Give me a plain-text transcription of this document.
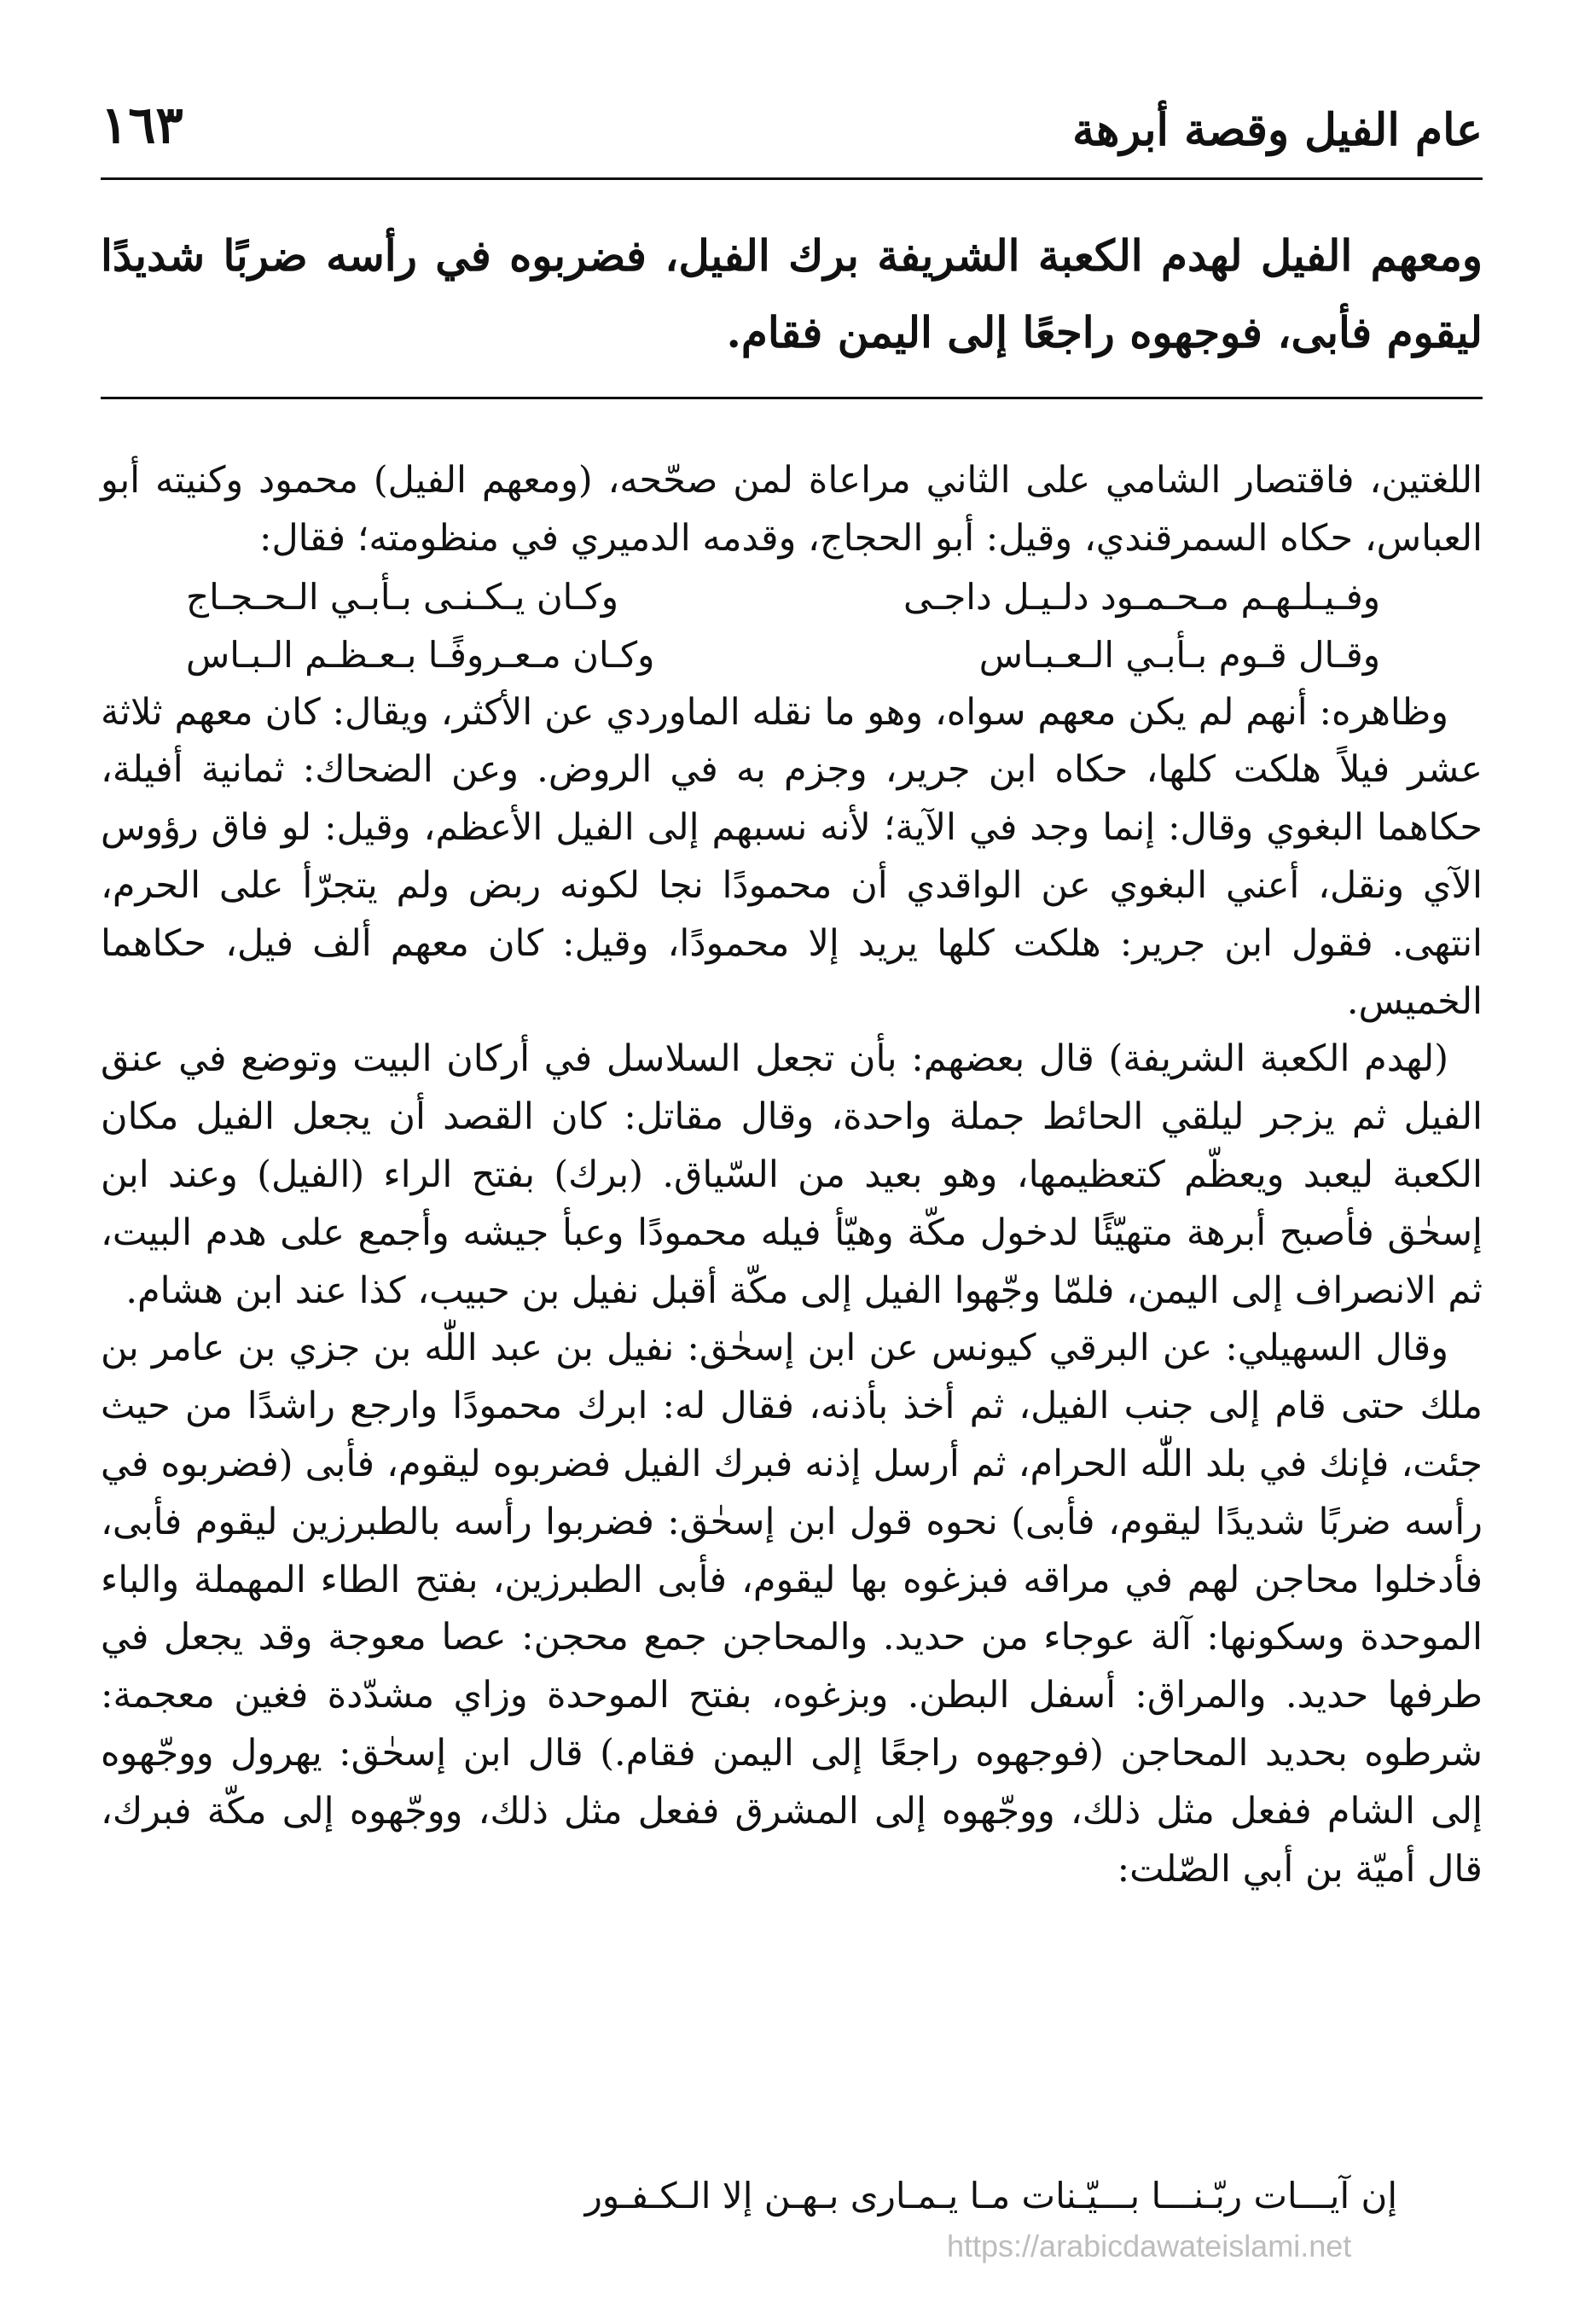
عام الفيل وقصة أبرهة
١٦٣
ومعهم الفيل لهدم الكعبة الشريفة برك الفيل، فضربوه في رأسه ضربًا شديدًا ليقوم فأبى، فوجهوه راجعًا إلى اليمن فقام.

اللغتين، فاقتصار الشامي على الثاني مراعاة لمن صحّحه، (ومعهم الفيل) محمود وكنيته أبو العباس، حكاه السمرقندي، وقيل: أبو الحجاج، وقدمه الدميري في منظومته؛ فقال:

وفـيـلـهـم مـحـمـود دلـيـل داجـى
وكـان يـكـنـى بـأبـي الـحـجـاج
وقـال قـوم بـأبـي الـعـبـاس
وكـان مـعـروفًـا بـعـظـم الـبـاس

وظاهره: أنهم لم يكن معهم سواه، وهو ما نقله الماوردي عن الأكثر، ويقال: كان معهم ثلاثة عشر فيلاً هلكت كلها، حكاه ابن جرير، وجزم به في الروض. وعن الضحاك: ثمانية أفيلة، حكاهما البغوي وقال: إنما وجد في الآية؛ لأنه نسبهم إلى الفيل الأعظم، وقيل: لو فاق رؤوس الآي ونقل، أعني البغوي عن الواقدي أن محمودًا نجا لكونه ربض ولم يتجرّأ على الحرم، انتهى. فقول ابن جرير: هلكت كلها يريد إلا محمودًا، وقيل: كان معهم ألف فيل، حكاهما الخميس.

(لهدم الكعبة الشريفة) قال بعضهم: بأن تجعل السلاسل في أركان البيت وتوضع في عنق الفيل ثم يزجر ليلقي الحائط جملة واحدة، وقال مقاتل: كان القصد أن يجعل الفيل مكان الكعبة ليعبد ويعظّم كتعظيمها، وهو بعيد من السّياق. (برك) بفتح الراء (الفيل) وعند ابن إسحٰق فأصبح أبرهة متهيّئًا لدخول مكّة وهيّأ فيله محمودًا وعبأ جيشه وأجمع على هدم البيت، ثم الانصراف إلى اليمن، فلمّا وجّهوا الفيل إلى مكّة أقبل نفيل بن حبيب، كذا عند ابن هشام.

وقال السهيلي: عن البرقي كيونس عن ابن إسحٰق: نفيل بن عبد اللّٰه بن جزي بن عامر بن ملك حتى قام إلى جنب الفيل، ثم أخذ بأذنه، فقال له: ابرك محمودًا وارجع راشدًا من حيث جئت، فإنك في بلد اللّٰه الحرام، ثم أرسل إذنه فبرك الفيل فضربوه ليقوم، فأبى (فضربوه في رأسه ضربًا شديدًا ليقوم، فأبى) نحوه قول ابن إسحٰق: فضربوا رأسه بالطبرزين ليقوم فأبى، فأدخلوا محاجن لهم في مراقه فبزغوه بها ليقوم، فأبى الطبرزين، بفتح الطاء المهملة والباء الموحدة وسكونها: آلة عوجاء من حديد. والمحاجن جمع محجن: عصا معوجة وقد يجعل في طرفها حديد. والمراق: أسفل البطن. وبزغوه، بفتح الموحدة وزاي مشدّدة فغين معجمة: شرطوه بحديد المحاجن (فوجهوه راجعًا إلى اليمن فقام.) قال ابن إسحٰق: يهرول ووجّهوه إلى الشام ففعل مثل ذلك، ووجّهوه إلى المشرق ففعل مثل ذلك، ووجّهوه إلى مكّة فبرك، قال أميّة بن أبي الصّلت:

إن آيـــات ربّـنـــا بـــيّـنات مـا يـمـارى بـهـن إلا الـكـفـور
https://arabicdawateislami.net
